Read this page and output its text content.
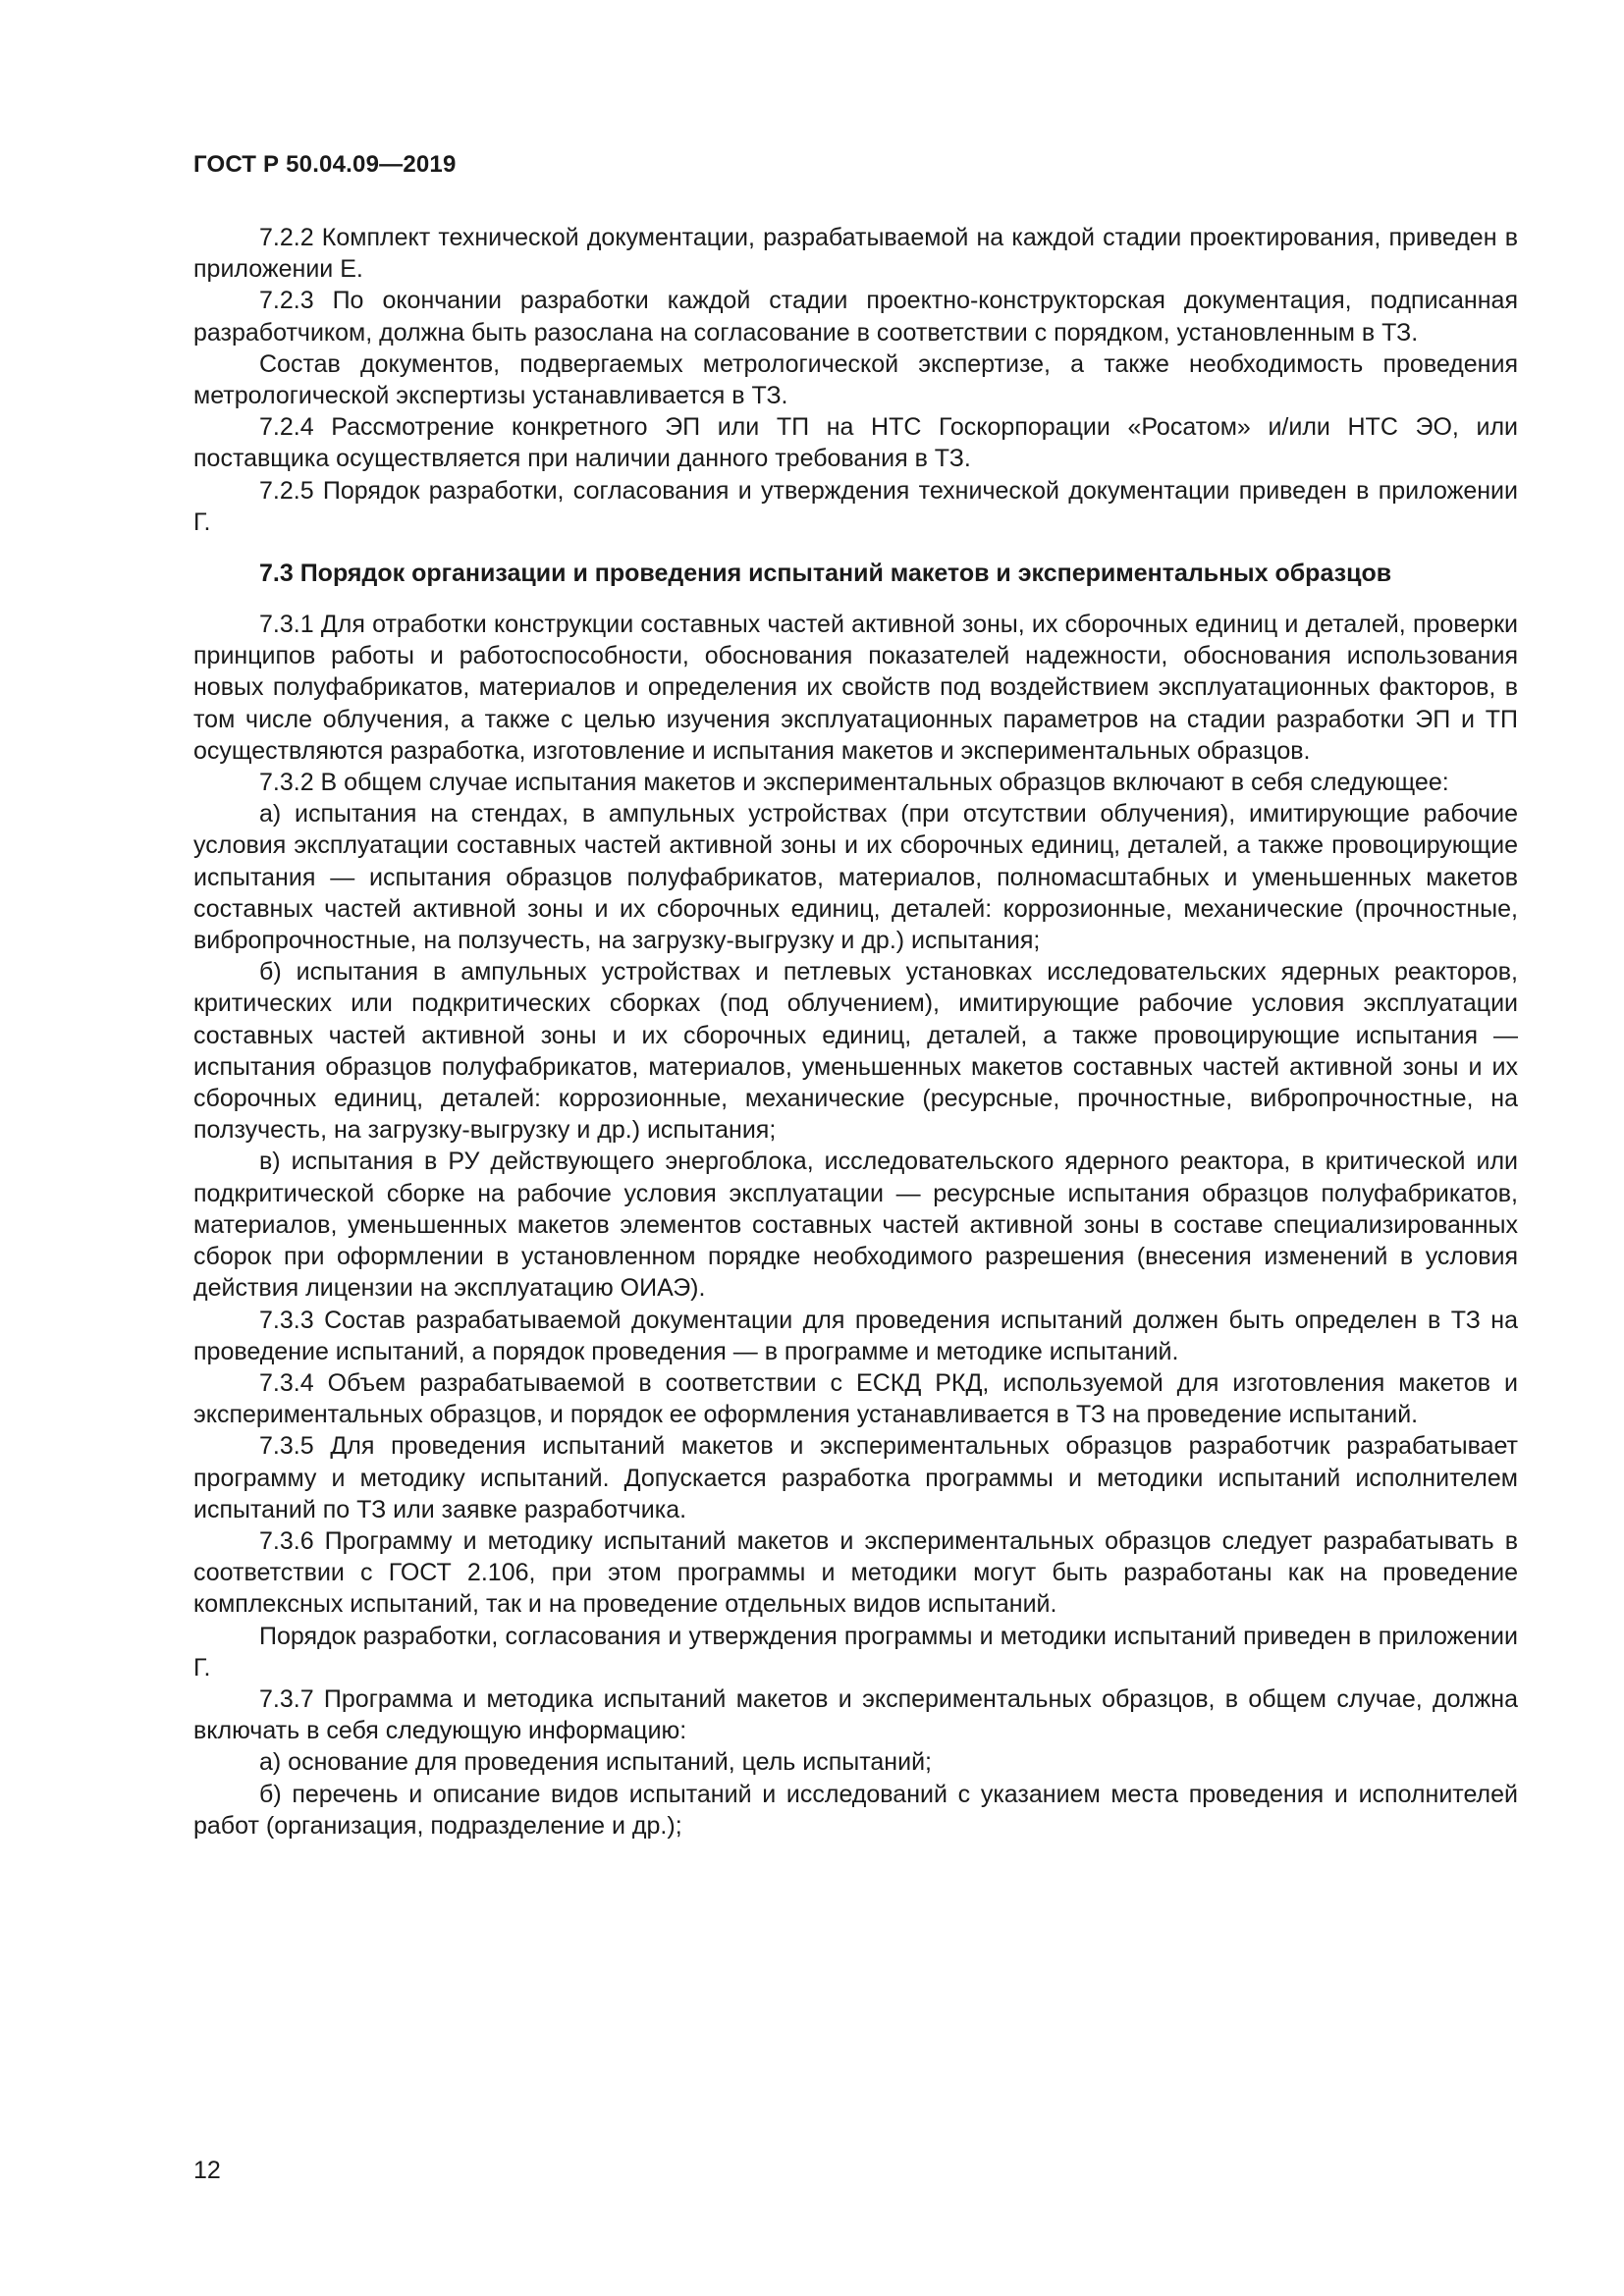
ГОСТ Р 50.04.09—2019

7.2.2 Комплект технической документации, разрабатываемой на каждой стадии проектирования, приведен в приложении Е.

7.2.3 По окончании разработки каждой стадии проектно-конструкторская документация, подписанная разработчиком, должна быть разослана на согласование в соответствии с порядком, установленным в ТЗ.

Состав документов, подвергаемых метрологической экспертизе, а также необходимость проведения метрологической экспертизы устанавливается в ТЗ.

7.2.4 Рассмотрение конкретного ЭП или ТП на НТС Госкорпорации «Росатом» и/или НТС ЭО, или поставщика осуществляется при наличии данного требования в ТЗ.

7.2.5 Порядок разработки, согласования и утверждения технической документации приведен в приложении Г.

7.3 Порядок организации и проведения испытаний макетов и экспериментальных образцов

7.3.1 Для отработки конструкции составных частей активной зоны, их сборочных единиц и деталей, проверки принципов работы и работоспособности, обоснования показателей надежности, обоснования использования новых полуфабрикатов, материалов и определения их свойств под воздействием эксплуатационных факторов, в том числе облучения, а также с целью изучения эксплуатационных параметров на стадии разработки ЭП и ТП осуществляются разработка, изготовление и испытания макетов и экспериментальных образцов.

7.3.2 В общем случае испытания макетов и экспериментальных образцов включают в себя следующее:

а) испытания на стендах, в ампульных устройствах (при отсутствии облучения), имитирующие рабочие условия эксплуатации составных частей активной зоны и их сборочных единиц, деталей, а также провоцирующие испытания — испытания образцов полуфабрикатов, материалов, полномасштабных и уменьшенных макетов составных частей активной зоны и их сборочных единиц, деталей: коррозионные, механические (прочностные, вибропрочностные, на ползучесть, на загрузку-выгрузку и др.) испытания;

б) испытания в ампульных устройствах и петлевых установках исследовательских ядерных реакторов, критических или подкритических сборках (под облучением), имитирующие рабочие условия эксплуатации составных частей активной зоны и их сборочных единиц, деталей, а также провоцирующие испытания — испытания образцов полуфабрикатов, материалов, уменьшенных макетов составных частей активной зоны и их сборочных единиц, деталей: коррозионные, механические (ресурсные, прочностные, вибропрочностные, на ползучесть, на загрузку-выгрузку и др.) испытания;

в) испытания в РУ действующего энергоблока, исследовательского ядерного реактора, в критической или подкритической сборке на рабочие условия эксплуатации — ресурсные испытания образцов полуфабрикатов, материалов, уменьшенных макетов элементов составных частей активной зоны в составе специализированных сборок при оформлении в установленном порядке необходимого разрешения (внесения изменений в условия действия лицензии на эксплуатацию ОИАЭ).

7.3.3 Состав разрабатываемой документации для проведения испытаний должен быть определен в ТЗ на проведение испытаний, а порядок проведения — в программе и методике испытаний.

7.3.4 Объем разрабатываемой в соответствии с ЕСКД РКД, используемой для изготовления макетов и экспериментальных образцов, и порядок ее оформления устанавливается в ТЗ на проведение испытаний.

7.3.5 Для проведения испытаний макетов и экспериментальных образцов разработчик разрабатывает программу и методику испытаний. Допускается разработка программы и методики испытаний исполнителем испытаний по ТЗ или заявке разработчика.

7.3.6 Программу и методику испытаний макетов и экспериментальных образцов следует разрабатывать в соответствии с ГОСТ 2.106, при этом программы и методики могут быть разработаны как на проведение комплексных испытаний, так и на проведение отдельных видов испытаний.

Порядок разработки, согласования и утверждения программы и методики испытаний приведен в приложении Г.

7.3.7 Программа и методика испытаний макетов и экспериментальных образцов, в общем случае, должна включать в себя следующую информацию:

а) основание для проведения испытаний, цель испытаний;

б) перечень и описание видов испытаний и исследований с указанием места проведения и исполнителей работ (организация, подразделение и др.);

12
